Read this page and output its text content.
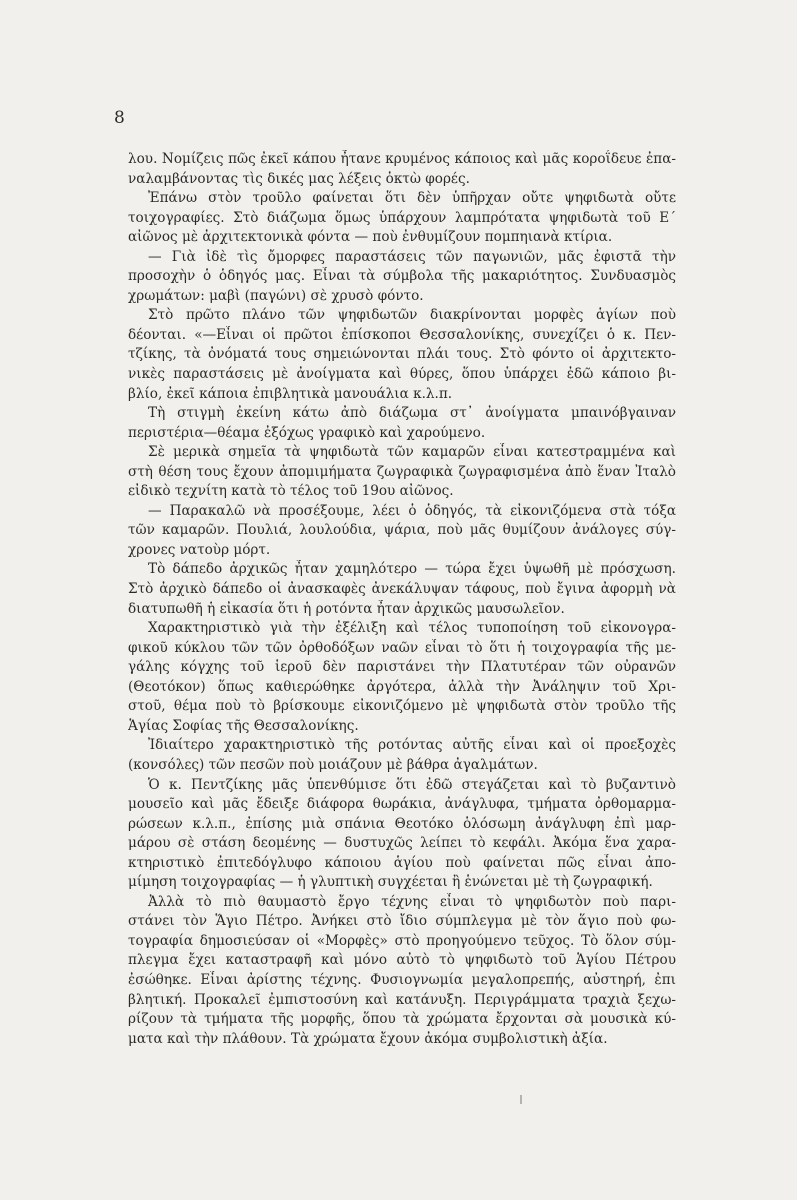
8
λου. Νομίζεις πῶς ἐκεῖ κάπου ἦτανε κρυμένος κάποιος καὶ μᾶς κοροΐδευε ἐπα-
ναλαμβάνοντας τὶς δικές μας λέξεις ὀκτὼ φορές.
Ἐπάνω στὸν τροῦλο φαίνεται ὅτι δὲν ὑπῆρχαν οὔτε ψηφιδωτὰ οὔτε
τοιχογραφίες. Στὸ διάζωμα ὅμως ὑπάρχουν λαμπρότατα ψηφιδωτὰ τοῦ Ε΄
αἰῶνος μὲ ἀρχιτεκτονικὰ φόντα — ποὺ ἐνθυμίζουν πομπηιανὰ κτίρια.
— Γιὰ ἰδὲ τὶς ὄμορφες παραστάσεις τῶν παγωνιῶν, μᾶς ἐφιστᾶ τὴν
προσοχὴν ὁ ὁδηγός μας. Εἶναι τὰ σύμβολα τῆς μακαριότητος. Συνδυασμὸς
χρωμάτων: μαβὶ (παγώνι) σὲ χρυσὸ φόντο.
Στὸ πρῶτο πλάνο τῶν ψηφιδωτῶν διακρίνονται μορφὲς ἁγίων ποὺ
δέονται. «—Εἶναι οἱ πρῶτοι ἐπίσκοποι Θεσσαλονίκης, συνεχίζει ὁ κ. Πεν-
τζίκης, τὰ ὀνόματά τους σημειώνονται πλάι τους. Στὸ φόντο οἱ ἀρχιτεκτο-
νικὲς παραστάσεις μὲ ἀνοίγματα καὶ θύρες, ὅπου ὑπάρχει ἐδῶ κάποιο βι-
βλίο, ἐκεῖ κάποια ἐπιβλητικὰ μανουάλια κ.λ.π.
Τὴ στιγμὴ ἐκείνη κάτω ἀπὸ διάζωμα στ᾽ ἀνοίγματα μπαινόβγαιναν
περιστέρια—θέαμα ἐξόχως γραφικὸ καὶ χαρούμενο.
Σὲ μερικὰ σημεῖα τὰ ψηφιδωτὰ τῶν καμαρῶν εἶναι κατεστραμμένα καὶ
στὴ θέση τους ἔχουν ἀπομιμήματα ζωγραφικὰ ζωγραφισμένα ἀπὸ ἕναν Ἰταλὸ
εἰδικὸ τεχνίτη κατὰ τὸ τέλος τοῦ 19ου αἰῶνος.
— Παρακαλῶ νὰ προσέξουμε, λέει ὁ ὁδηγός, τὰ εἰκονιζόμενα στὰ τόξα
τῶν καμαρῶν. Πουλιά, λουλούδια, ψάρια, ποὺ μᾶς θυμίζουν ἀνάλογες σύγ-
χρονες νατοὺρ μόρτ.
Τὸ δάπεδο ἀρχικῶς ἦταν χαμηλότερο — τώρα ἔχει ὑψωθῆ μὲ πρόσχωση.
Στὸ ἀρχικὸ δάπεδο οἱ ἀνασκαφὲς ἀνεκάλυψαν τάφους, ποὺ ἔγινα ἀφορμὴ νὰ
διατυπωθῆ ἡ εἰκασία ὅτι ἡ ροτόντα ἦταν ἀρχικῶς μαυσωλεῖον.
Χαρακτηριστικὸ γιὰ τὴν ἐξέλιξη καὶ τέλος τυποποίηση τοῦ εἰκονογρα-
φικοῦ κύκλου τῶν τῶν ὀρθοδόξων ναῶν εἶναι τὸ ὅτι ἡ τοιχογραφία τῆς με-
γάλης κόγχης τοῦ ἱεροῦ δὲν παριστάνει τὴν Πλατυτέραν τῶν οὐρανῶν
(Θεοτόκον) ὅπως καθιερώθηκε ἀργότερα, ἀλλὰ τὴν Ἀνάληψιν τοῦ Χρι-
στοῦ, θέμα ποὺ τὸ βρίσκουμε εἰκονιζόμενο μὲ ψηφιδωτὰ στὸν τροῦλο τῆς
Ἁγίας Σοφίας τῆς Θεσσαλονίκης.
Ἰδιαίτερο χαρακτηριστικὸ τῆς ροτόντας αὐτῆς εἶναι καὶ οἱ προεξοχὲς
(κονσόλες) τῶν πεσῶν ποὺ μοιάζουν μὲ βάθρα ἀγαλμάτων.
Ὁ κ. Πεντζίκης μᾶς ὑπενθύμισε ὅτι ἐδῶ στεγάζεται καὶ τὸ βυζαντινὸ
μουσεῖο καὶ μᾶς ἔδειξε διάφορα θωράκια, ἀνάγλυφα, τμήματα ὀρθομαρμα-
ρώσεων κ.λ.π., ἐπίσης μιὰ σπάνια Θεοτόκο ὁλόσωμη ἀνάγλυφη ἐπὶ μαρ-
μάρου σὲ στάση δεομένης — δυστυχῶς λείπει τὸ κεφάλι. Ἀκόμα ἕνα χαρα-
κτηριστικὸ ἐπιτεδόγλυφο κάποιου ἁγίου ποὺ φαίνεται πῶς εἶναι ἀπο-
μίμηση τοιχογραφίας — ἡ γλυπτικὴ συγχέεται ἢ ἑνώνεται μὲ τὴ ζωγραφική.
Ἀλλὰ τὸ πιὸ θαυμαστὸ ἔργο τέχνης εἶναι τὸ ψηφιδωτὸν ποὺ παρι-
στάνει τὸν Ἅγιο Πέτρο. Ἀνήκει στὸ ἴδιο σύμπλεγμα μὲ τὸν ἅγιο ποὺ φω-
τογραφία δημοσιεύσαν οἱ «Μορφὲς» στὸ προηγούμενο τεῦχος. Τὸ ὅλον σύμ-
πλεγμα ἔχει καταστραφῆ καὶ μόνο αὐτὸ τὸ ψηφιδωτὸ τοῦ Ἁγίου Πέτρου
ἐσώθηκε. Εἶναι ἀρίστης τέχνης. Φυσιογνωμία μεγαλοπρεπής, αὐστηρή, ἐπι
βλητική. Προκαλεῖ ἐμπιστοσύνη καὶ κατάνυξη. Περιγράμματα τραχιὰ ξεχω-
ρίζουν τὰ τμήματα τῆς μορφῆς, ὅπου τὰ χρώματα ἔρχονται σὰ μουσικὰ κύ-
ματα καὶ τὴν πλάθουν. Τὰ χρώματα ἔχουν ἀκόμα συμβολιστικὴ ἀξία.
